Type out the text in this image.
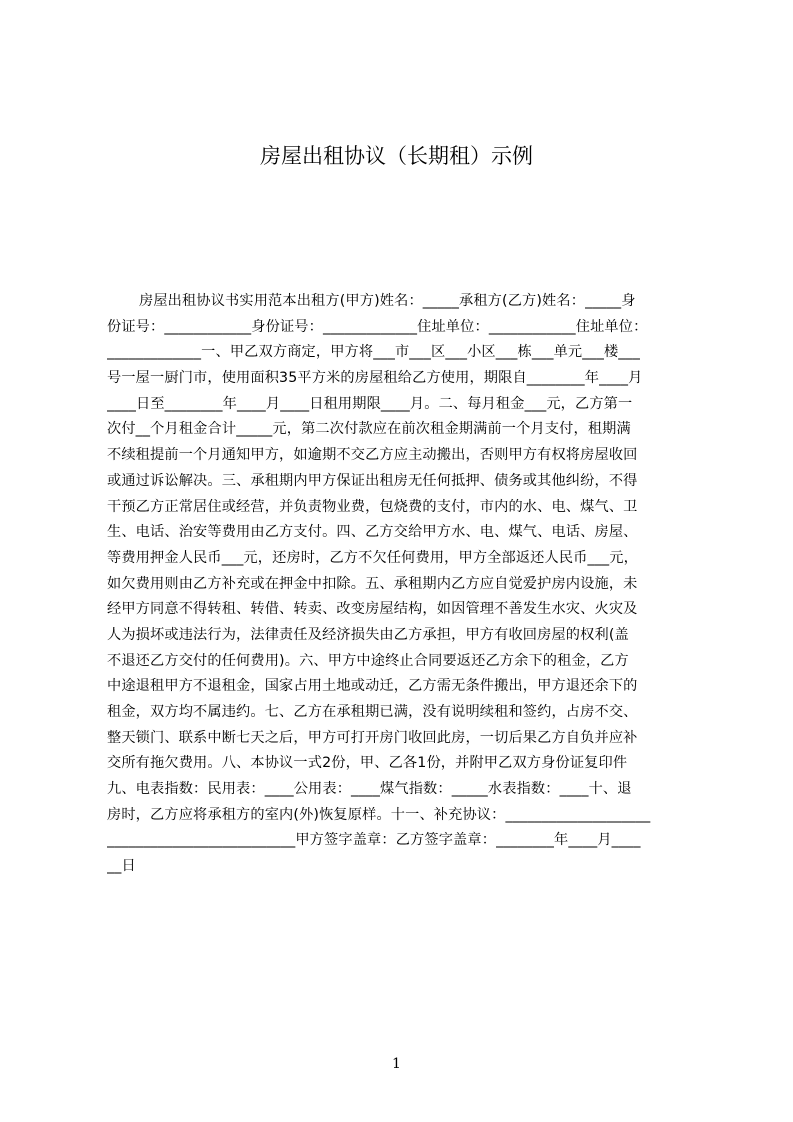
房屋出租协议（长期租）示例
房屋出租协议书实用范本出租方(甲方)姓名：_____承租方(乙方)姓名：_____身
份证号：____________身份证号：_____________住址单位：____________住址单位：
_____________一、甲乙双方商定，甲方将___市___区___小区___栋___单元___楼___
号一屋一厨门市，使用面积35平方米的房屋租给乙方使用，期限自________年____月
____日至________年____月____日租用期限____月。二、每月租金___元，乙方第一
次付__个月租金合计_____元，第二次付款应在前次租金期满前一个月支付，租期满
不续租提前一个月通知甲方，如逾期不交乙方应主动搬出，否则甲方有权将房屋收回
或通过诉讼解决。三、承租期内甲方保证出租房无任何抵押、债务或其他纠纷，不得
干预乙方正常居住或经营，并负责物业费，包烧费的支付，市内的水、电、煤气、卫
生、电话、治安等费用由乙方支付。四、乙方交给甲方水、电、煤气、电话、房屋、
等费用押金人民币___元，还房时，乙方不欠任何费用，甲方全部返还人民币___元，
如欠费用则由乙方补充或在押金中扣除。五、承租期内乙方应自觉爱护房内设施，未
经甲方同意不得转租、转借、转卖、改变房屋结构，如因管理不善发生水灾、火灾及
人为损坏或违法行为，法律责任及经济损失由乙方承担，甲方有收回房屋的权利(盖
不退还乙方交付的任何费用)。六、甲方中途终止合同要返还乙方余下的租金，乙方
中途退租甲方不退租金，国家占用土地或动迁，乙方需无条件搬出，甲方退还余下的
租金，双方均不属违约。七、乙方在承租期已满，没有说明续租和签约，占房不交、
整天锁门、联系中断七天之后，甲方可打开房门收回此房，一切后果乙方自负并应补
交所有拖欠费用。八、本协议一式2份，甲、乙各1份，并附甲乙双方身份证复印件
九、电表指数：民用表：____公用表：____煤气指数：_____水表指数：____十、退
房时，乙方应将承租方的室内(外)恢复原样。十一、补充协议：____________________
__________________________甲方签字盖章：乙方签字盖章：________年____月____
__日
1
